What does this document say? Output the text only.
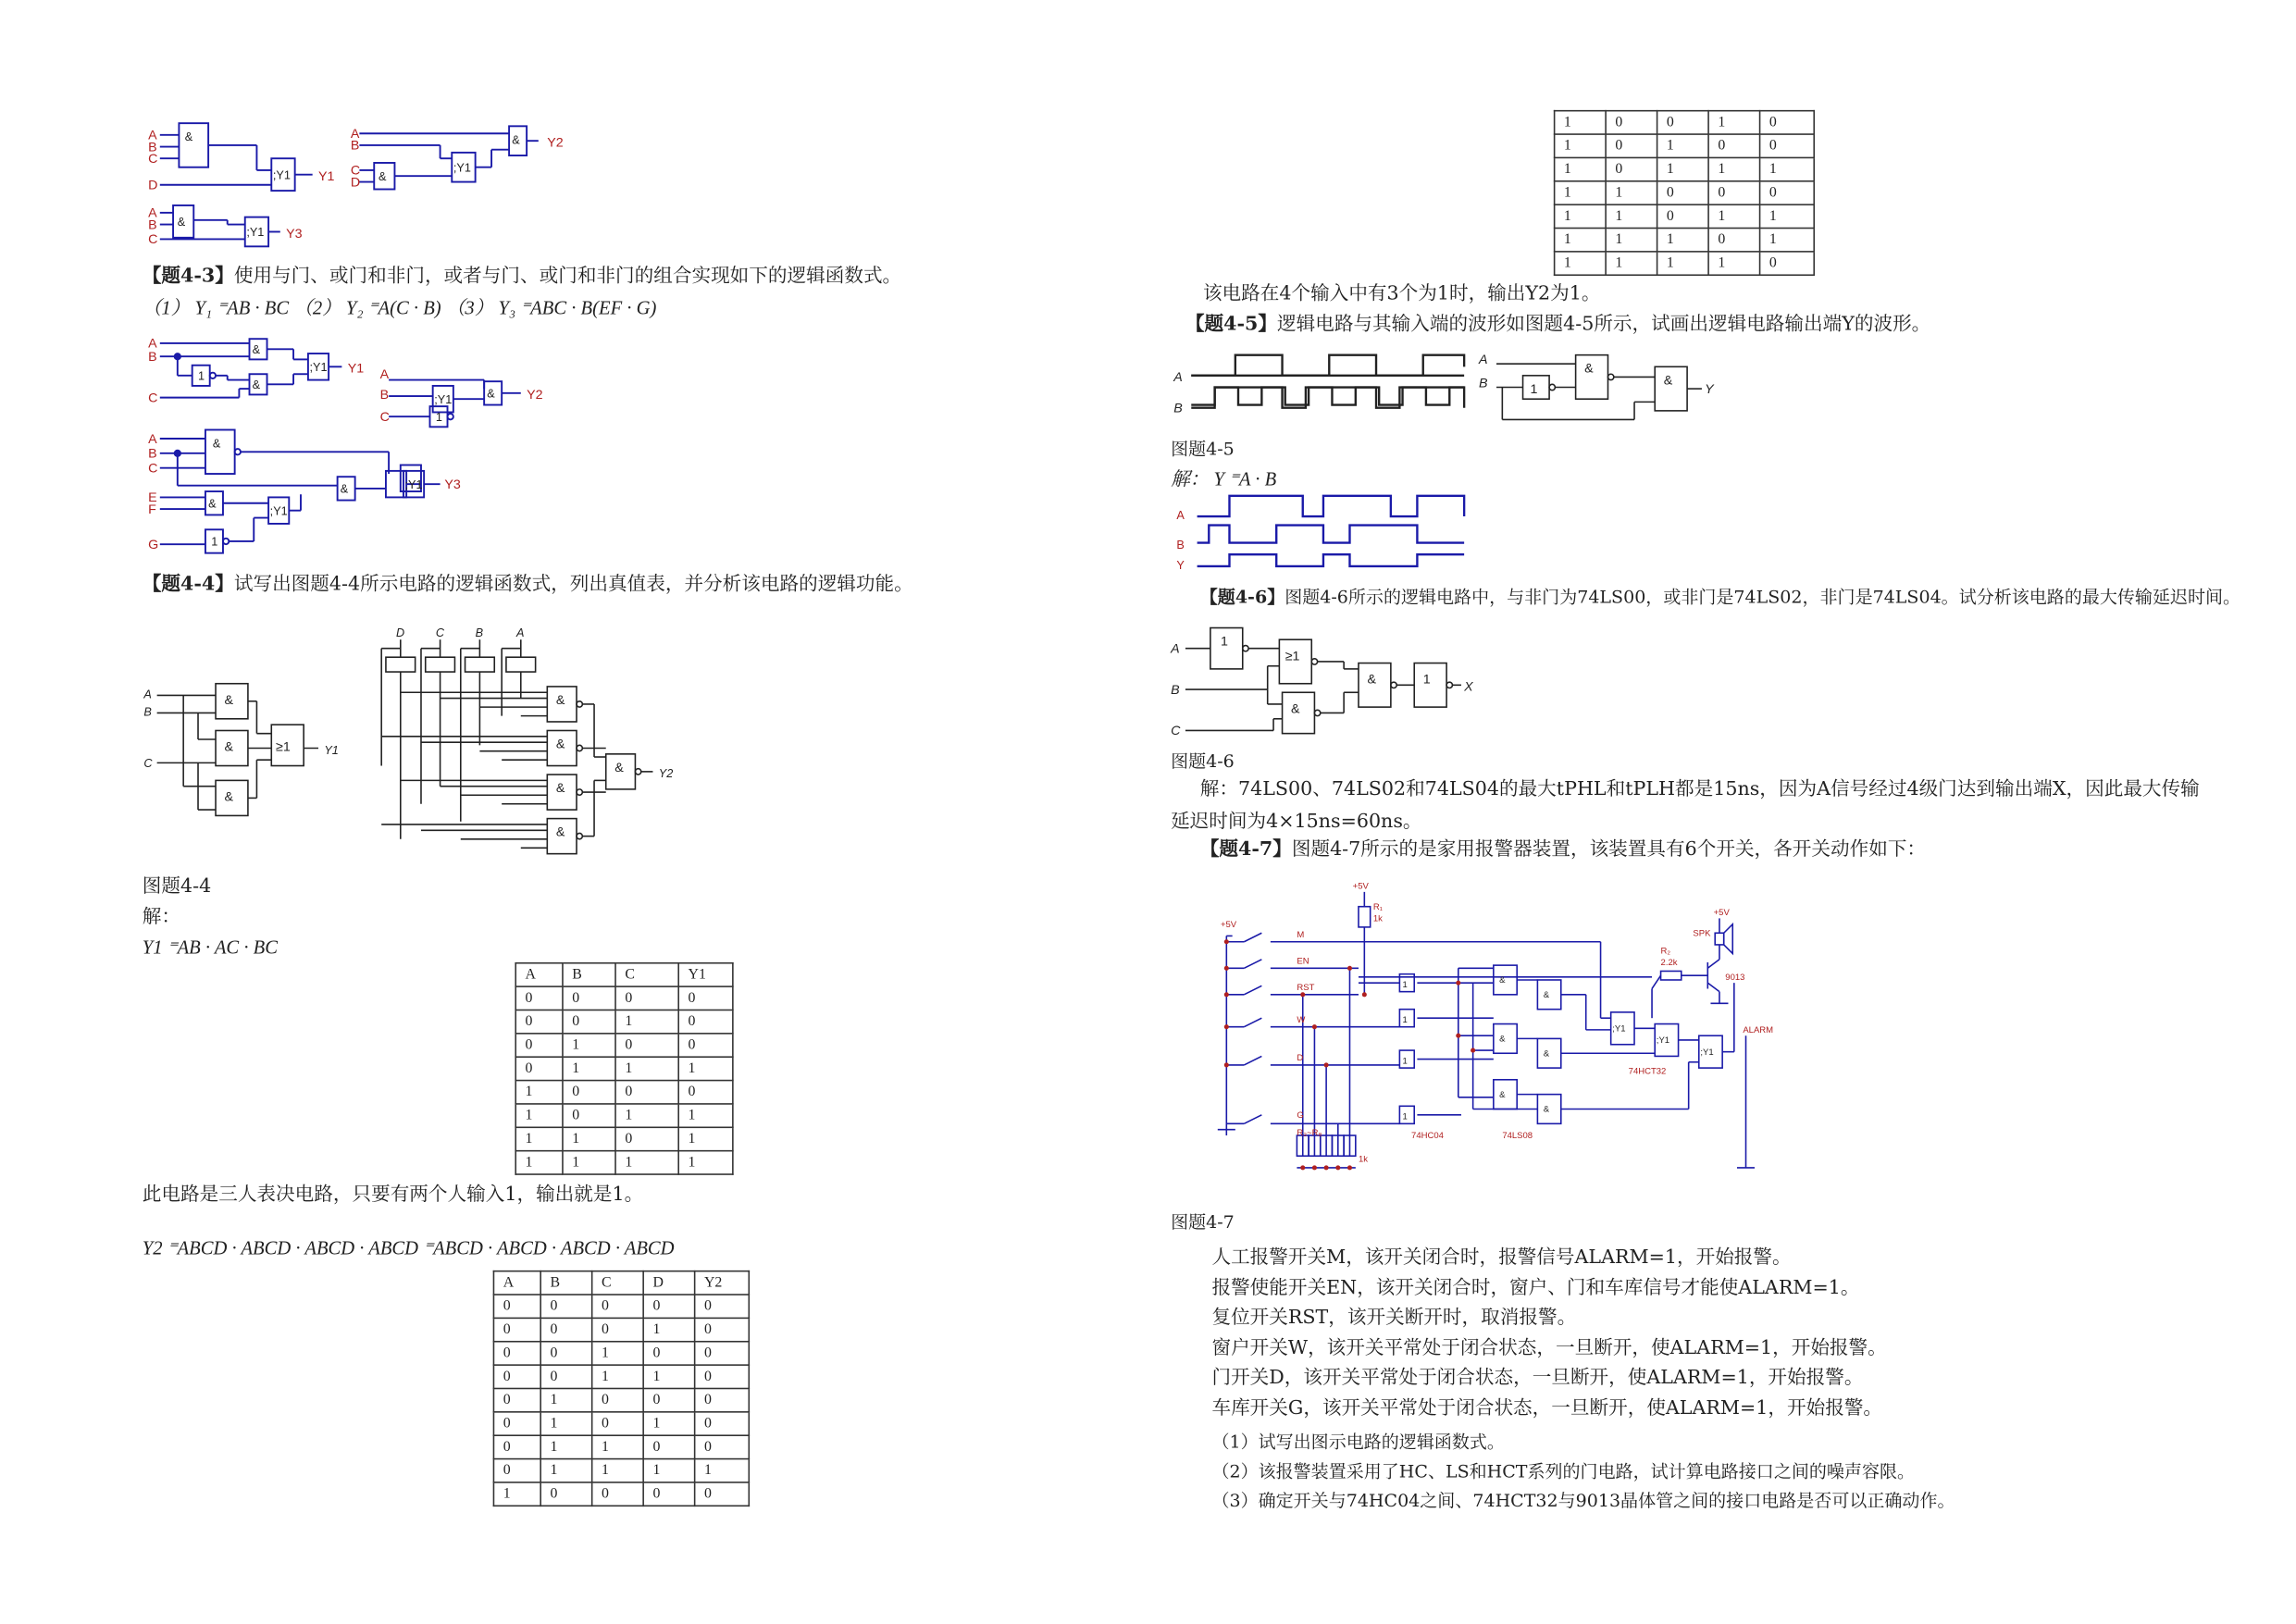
A
B
C
D
Y1
A
B
C
D
Y2
A
B
C	Y3
&
;Y1
&
;Y1
&
&
;Y1
【题4-3】使用与门、或门和非门，或者与门、或门和非门的组合实现如下的逻辑函数式。
（1） Y₁ ⁼AB · BC （2） Y₂ ⁼A(C · B) （3） Y₃ ⁼ABC · B(EF · G)
A
B
C
Y1 A
B
C
Y2
A
B
C
E
F
G
Y3
&
&
1
;Y1
&
;Y1
1
&
&
&
;Y1
1
;Y1
【题4-4】试写出图题4-4所示电路的逻辑函数式，列出真值表，并分析该电路的逻辑功能。
A
B
C
Y1
D	C	B	A
Y2
&
&
&
≥1
&
&
&
&
&
图题4-4
解：
Y1 ⁼AB · AC · BC
A	B	C	Y1
0	0	0	0
0	0	1	0
0	1	0	0
0	1	1	1
1	0	0	0
1	0	1	1
1	1	0	1
1	1	1	1
此电路是三人表决电路，只要有两个人输入1，输出就是1。
Y2 ⁼ABCD · ABCD · ABCD · ABCD ⁼ABCD · ABCD · ABCD · ABCD
A	B	C	D	Y2
0	0	0	0	0
0	0	0	1	0
0	0	1	0	0
0	0	1	1	0
0	1	0	0	0
0	1	0	1	0
0	1	1	0	0
0	1	1	1	1
1	0	0	0	0
1	0	0	1	0
1	0	1	0	0
1	0	1	1	1
1	1	0	0	0
1	1	0	1	1
1	1	1	0	1
1	1	1	1	0
该电路在4个输入中有3个为1时，输出Y2为1。
【题4-5】逻辑电路与其输入端的波形如图题4-5所示，试画出逻辑电路输出端Y的波形。
A
B
A
B	Y
1
&
&
图题4-5
解： Y ⁼A · B
A
B
Y
【题4-6】图题4-6所示的逻辑电路中，与非门为74LS00，或非门是74LS02，非门是74LS04。试分析该电路的最大传输延迟时间。
A
B
C
X
1
≥1
&
&	1
图题4-6
解：74LS00、74LS02和74LS04的最大tPHL和tPLH都是15ns，因为A信号经过4级门达到输出端X，因此最大传输
延迟时间为4×15ns=60ns。
【题4-7】图题4-7所示的是家用报警器装置，该装置具有6个开关，各开关动作如下：
+5V
+5V
+5V
M
EN
RST
W
D
G
R₁
1k
R₂
2.2k
SPK
9013
ALARM
R₃~R₈
1k
74HC04	74LS08
74HCT32
1
1
1
1
&
&
&
&
&
&
;Y1
;Y1
;Y1
图题4-7
人工报警开关M，该开关闭合时，报警信号ALARM=1，开始报警。
报警使能开关EN，该开关闭合时，窗户、门和车库信号才能使ALARM=1。
复位开关RST，该开关断开时，取消报警。
窗户开关W，该开关平常处于闭合状态，一旦断开，使ALARM=1，开始报警。
门开关D，该开关平常处于闭合状态，一旦断开，使ALARM=1，开始报警。
车库开关G，该开关平常处于闭合状态，一旦断开，使ALARM=1，开始报警。
（1）试写出图示电路的逻辑函数式。
（2）该报警装置采用了HC、LS和HCT系列的门电路，试计算电路接口之间的噪声容限。
（3）确定开关与74HC04之间、74HCT32与9013晶体管之间的接口电路是否可以正确动作。
